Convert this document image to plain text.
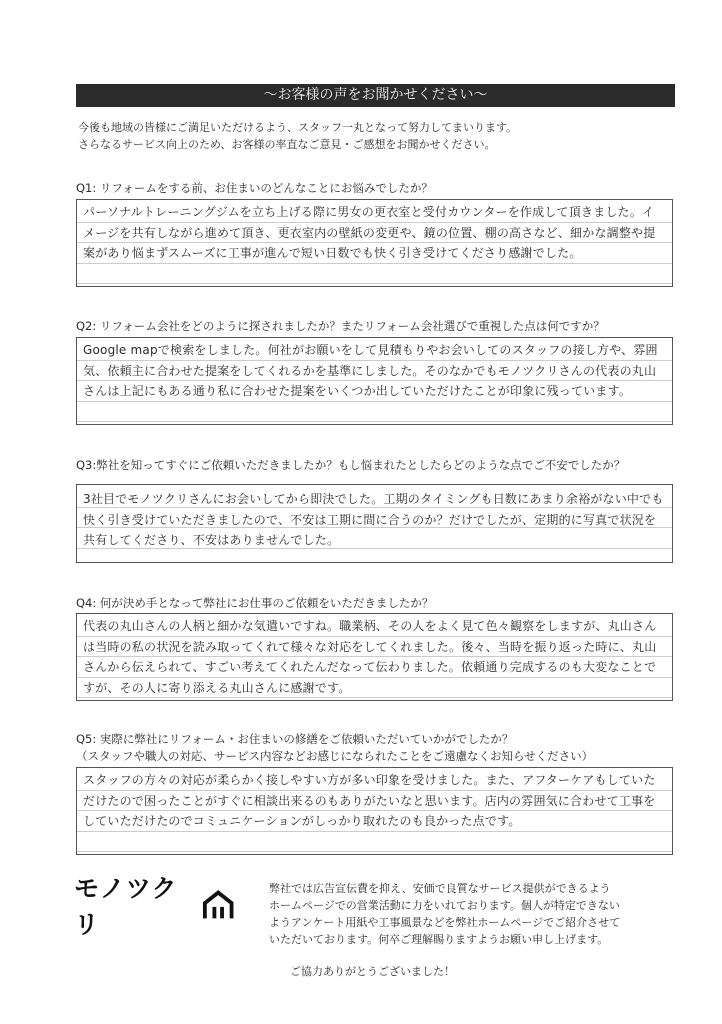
～お客様の声をお聞かせください～
今後も地域の皆様にご満足いただけるよう、スタッフ一丸となって努力してまいります。
さらなるサービス向上のため、お客様の率直なご意見・ご感想をお聞かせください。
Q1: リフォームをする前、お住まいのどんなことにお悩みでしたか？
パーソナルトレーニングジムを立ち上げる際に男女の更衣室と受付カウンターを作成して頂きました。イメージを共有しながら進めて頂き、更衣室内の壁紙の変更や、鏡の位置、棚の高さなど、細かな調整や提案があり悩まずスムーズに工事が進んで短い日数でも快く引き受けてくださり感謝でした。
Q2: リフォーム会社をどのように探されましたか？またリフォーム会社選びで重視した点は何ですか？
Google mapで検索をしました。何社がお願いをして見積もりやお会いしてのスタッフの接し方や、雰囲気、依頼主に合わせた提案をしてくれるかを基準にしました。そのなかでもモノツクリさんの代表の丸山さんは上記にもある通り私に合わせた提案をいくつか出していただけたことが印象に残っています。
Q3:弊社を知ってすぐにご依頼いただきましたか？もし悩まれたとしたらどのような点でご不安でしたか？
3社目でモノツクリさんにお会いしてから即決でした。工期のタイミングも日数にあまり余裕がない中でも快く引き受けていただきましたので、不安は工期に間に合うのか？だけでしたが、定期的に写真で状況を共有してくださり、不安はありませんでした。
Q4: 何が決め手となって弊社にお仕事のご依頼をいただきましたか？
代表の丸山さんの人柄と細かな気遣いですね。職業柄、その人をよく見て色々観察をしますが、丸山さんは当時の私の状況を読み取ってくれて様々な対応をしてくれました。後々、当時を振り返った時に、丸山さんから伝えられて、すごい考えてくれたんだなって伝わりました。依頼通り完成するのも大変なことですが、その人に寄り添える丸山さんに感謝です。
Q5: 実際に弊社にリフォーム・お住まいの修繕をご依頼いただいていかがでしたか？
（スタッフや職人の対応、サービス内容などお感じになられたことをご遠慮なくお知らせください）
スタッフの方々の対応が柔らかく接しやすい方が多い印象を受けました。また、アフターケアもしていただけたので困ったことがすぐに相談出来るのもありがたいなと思います。店内の雰囲気に合わせて工事をしていただけたのでコミュニケーションがしっかり取れたのも良かった点です。
モノツクリ
弊社では広告宣伝費を抑え、安価で良質なサービス提供ができるよう
ホームページでの営業活動に力をいれております。個人が特定できない
ようアンケート用紙や工事風景などを弊社ホームページでご紹介させて
いただいております。何卒ご理解賜りますようお願い申し上げます。
ご協力ありがとうございました！
